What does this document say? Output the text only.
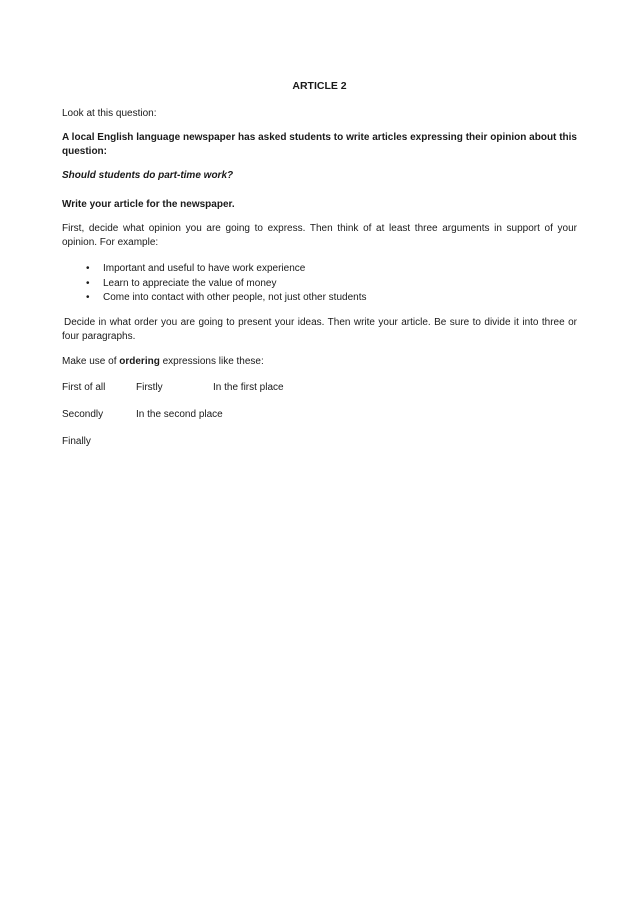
ARTICLE 2

Look at this question:

A local English language newspaper has asked students to write articles expressing their opinion about this question:

Should students do part-time work?

Write your article for the newspaper.

First, decide what opinion you are going to express. Then think of at least three arguments in support of your opinion. For example:

• Important and useful to have work experience
• Learn to appreciate the value of money
• Come into contact with other people, not just other students

Decide in what order you are going to present your ideas. Then write your article. Be sure to divide it into three or four paragraphs.

Make use of ordering expressions like these:

First of all	Firstly	In the first place
Secondly	In the second place
Finally
